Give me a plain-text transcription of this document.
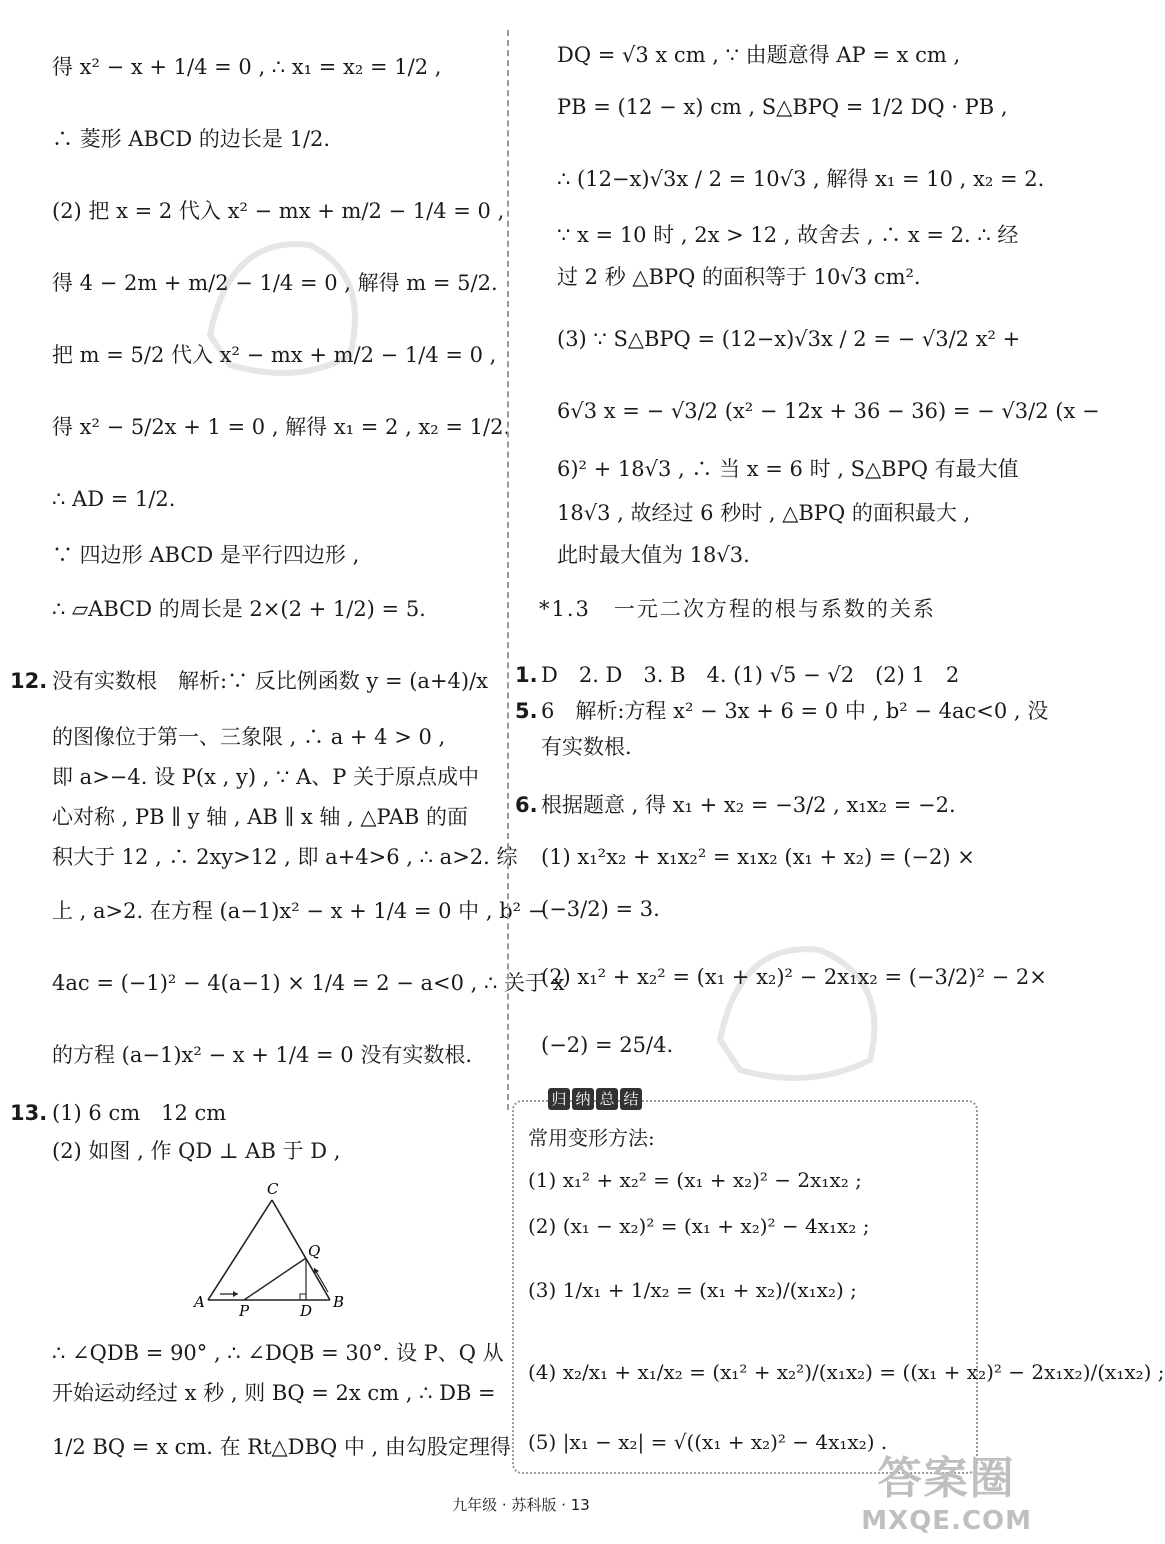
得 x² − x + 1/4 = 0 , ∴ x₁ = x₂ = 1/2 ,
∴ 菱形 ABCD 的边长是 1/2.
(2) 把 x = 2 代入 x² − mx + m/2 − 1/4 = 0 ,
得 4 − 2m + m/2 − 1/4 = 0 , 解得 m = 5/2.
把 m = 5/2 代入 x² − mx + m/2 − 1/4 = 0 ,
得 x² − 5/2x + 1 = 0 , 解得 x₁ = 2 , x₂ = 1/2.
∴ AD = 1/2.
∵ 四边形 ABCD 是平行四边形 ,
∴ ▱ABCD 的周长是 2×(2 + 1/2) = 5.
12. 没有实数根　解析:∵ 反比例函数 y = (a+4)/x
的图像位于第一、三象限 , ∴ a + 4 > 0 ,
即 a>−4. 设 P(x , y) , ∵ A、P 关于原点成中
心对称 , PB ∥ y 轴 , AB ∥ x 轴 , △PAB 的面
积大于 12 , ∴ 2xy>12 , 即 a+4>6 , ∴ a>2. 综
上 , a>2. 在方程 (a−1)x² − x + 1/4 = 0 中 , b² −
4ac = (−1)² − 4(a−1) × 1/4 = 2 − a<0 , ∴ 关于 x
的方程 (a−1)x² − x + 1/4 = 0 没有实数根.
13. (1) 6 cm　12 cm
(2) 如图 , 作 QD ⊥ AB 于 D ,
C
Q
A P	D B
∴ ∠QDB = 90° , ∴ ∠DQB = 30°. 设 P、Q 从
开始运动经过 x 秒 , 则 BQ = 2x cm , ∴ DB =
1/2 BQ = x cm. 在 Rt△DBQ 中 , 由勾股定理得
DQ = √3 x cm , ∵ 由题意得 AP = x cm ,
PB = (12 − x) cm , S△BPQ = 1/2 DQ · PB ,
∴ (12−x)√3x / 2 = 10√3 , 解得 x₁ = 10 , x₂ = 2.
∵ x = 10 时 , 2x > 12 , 故舍去 , ∴ x = 2. ∴ 经
过 2 秒 △BPQ 的面积等于 10√3 cm².
(3) ∵ S△BPQ = (12−x)√3x / 2 = − √3/2 x² +
6√3 x = − √3/2 (x² − 12x + 36 − 36) = − √3/2 (x −
6)² + 18√3 , ∴ 当 x = 6 时 , S△BPQ 有最大值
18√3 , 故经过 6 秒时 , △BPQ 的面积最大 ,
此时最大值为 18√3.
*1.3　一元二次方程的根与系数的关系
1. D　2. D　3. B　4. (1) √5 − √2　(2) 1　2
5. 6　解析:方程 x² − 3x + 6 = 0 中 , b² − 4ac<0 , 没
有实数根.
6. 根据题意 , 得 x₁ + x₂ = −3/2 , x₁x₂ = −2.
(1) x₁²x₂ + x₁x₂² = x₁x₂ (x₁ + x₂) = (−2) ×
(−3/2) = 3.
(2) x₁² + x₂² = (x₁ + x₂)² − 2x₁x₂ = (−3/2)² − 2×
(−2) = 25/4.
归 纳 总 结
常用变形方法:
(1) x₁² + x₂² = (x₁ + x₂)² − 2x₁x₂ ;
(2) (x₁ − x₂)² = (x₁ + x₂)² − 4x₁x₂ ;
(3) 1/x₁ + 1/x₂ = (x₁ + x₂)/(x₁x₂) ;
(4) x₂/x₁ + x₁/x₂ = (x₁² + x₂²)/(x₁x₂) = ((x₁ + x₂)² − 2x₁x₂)/(x₁x₂) ;
(5) |x₁ − x₂| = √((x₁ + x₂)² − 4x₁x₂) .
九年级 · 苏科版 · 13
答案圈
MXQE.COM
